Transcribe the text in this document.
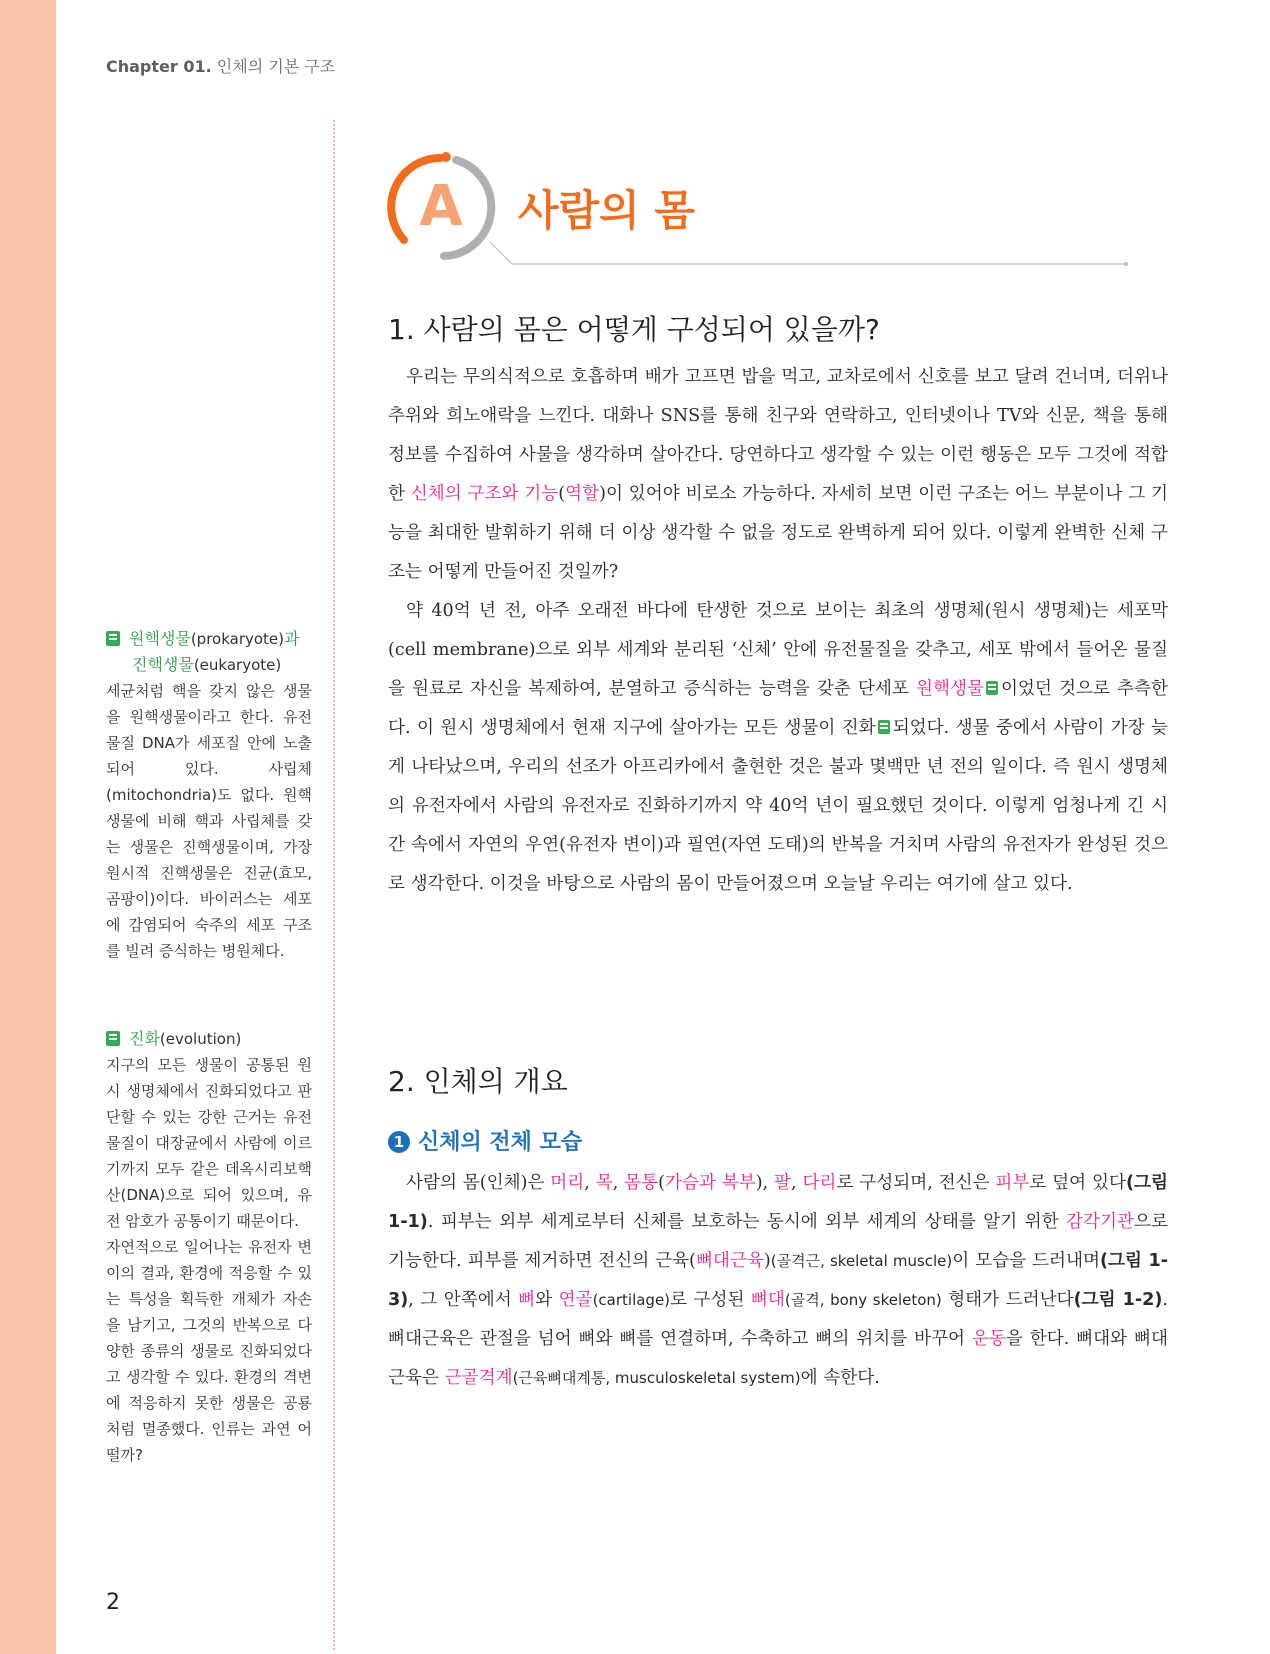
Chapter 01. 인체의 기본 구조
A 사람의 몸
1. 사람의 몸은 어떻게 구성되어 있을까?

우리는 무의식적으로 호흡하며 배가 고프면 밥을 먹고, 교차로에서 신호를 보고 달려 건너며, 더위나 추위와 희노애락을 느낀다. 대화나 SNS를 통해 친구와 연락하고, 인터넷이나 TV와 신문, 책을 통해 정보를 수집하여 사물을 생각하며 살아간다. 당연하다고 생각할 수 있는 이런 행동은 모두 그것에 적합한 신체의 구조와 기능(역할)이 있어야 비로소 가능하다. 자세히 보면 이런 구조는 어느 부분이나 그 기능을 최대한 발휘하기 위해 더 이상 생각할 수 없을 정도로 완벽하게 되어 있다. 이렇게 완벽한 신체 구조는 어떻게 만들어진 것일까?

약 40억 년 전, 아주 오래전 바다에 탄생한 것으로 보이는 최초의 생명체(원시 생명체)는 세포막(cell membrane)으로 외부 세계와 분리된 ‘신체’ 안에 유전물질을 갖추고, 세포 밖에서 들어온 물질을 원료로 자신을 복제하여, 분열하고 증식하는 능력을 갖춘 단세포 원핵생물 이었던 것으로 추측한다. 이 원시 생명체에서 현재 지구에 살아가는 모든 생물이 진화 되었다. 생물 중에서 사람이 가장 늦게 나타났으며, 우리의 선조가 아프리카에서 출현한 것은 불과 몇백만 년 전의 일이다. 즉 원시 생명체의 유전자에서 사람의 유전자로 진화하기까지 약 40억 년이 필요했던 것이다. 이렇게 엄청나게 긴 시간 속에서 자연의 우연(유전자 변이)과 필연(자연 도태)의 반복을 거치며 사람의 유전자가 완성된 것으로 생각한다. 이것을 바탕으로 사람의 몸이 만들어졌으며 오늘날 우리는 여기에 살고 있다.

2. 인체의 개요
1 신체의 전체 모습

사람의 몸(인체)은 머리, 목, 몸통(가슴과 복부), 팔, 다리로 구성되며, 전신은 피부로 덮여 있다(그림 1-1). 피부는 외부 세계로부터 신체를 보호하는 동시에 외부 세계의 상태를 알기 위한 감각기관으로 기능한다. 피부를 제거하면 전신의 근육(뼈대근육)(골격근, skeletal muscle)이 모습을 드러내며(그림 1-3), 그 안쪽에서 뼈와 연골(cartilage)로 구성된 뼈대(골격, bony skeleton) 형태가 드러난다(그림 1-2). 뼈대근육은 관절을 넘어 뼈와 뼈를 연결하며, 수축하고 뼈의 위치를 바꾸어 운동을 한다. 뼈대와 뼈대근육은 근골격계(근육뼈대계통, musculoskeletal system)에 속한다.

원핵생물(prokaryote)과
진핵생물(eukaryote)

세균처럼 핵을 갖지 않은 생물을 원핵생물이라고 한다. 유전물질 DNA가 세포질 안에 노출되어 있다. 사립체(mitochondria)도 없다. 원핵생물에 비해 핵과 사립체를 갖는 생물은 진핵생물이며, 가장 원시적 진핵생물은 진균(효모, 곰팡이)이다. 바이러스는 세포에 감염되어 숙주의 세포 구조를 빌려 증식하는 병원체다.

진화(evolution)

지구의 모든 생물이 공통된 원시 생명체에서 진화되었다고 판단할 수 있는 강한 근거는 유전물질이 대장균에서 사람에 이르기까지 모두 같은 데옥시리보핵산(DNA)으로 되어 있으며, 유전 암호가 공통이기 때문이다.

자연적으로 일어나는 유전자 변이의 결과, 환경에 적응할 수 있는 특성을 획득한 개체가 자손을 남기고, 그것의 반복으로 다양한 종류의 생물로 진화되었다고 생각할 수 있다. 환경의 격변에 적응하지 못한 생물은 공룡처럼 멸종했다. 인류는 과연 어떨까?

2
